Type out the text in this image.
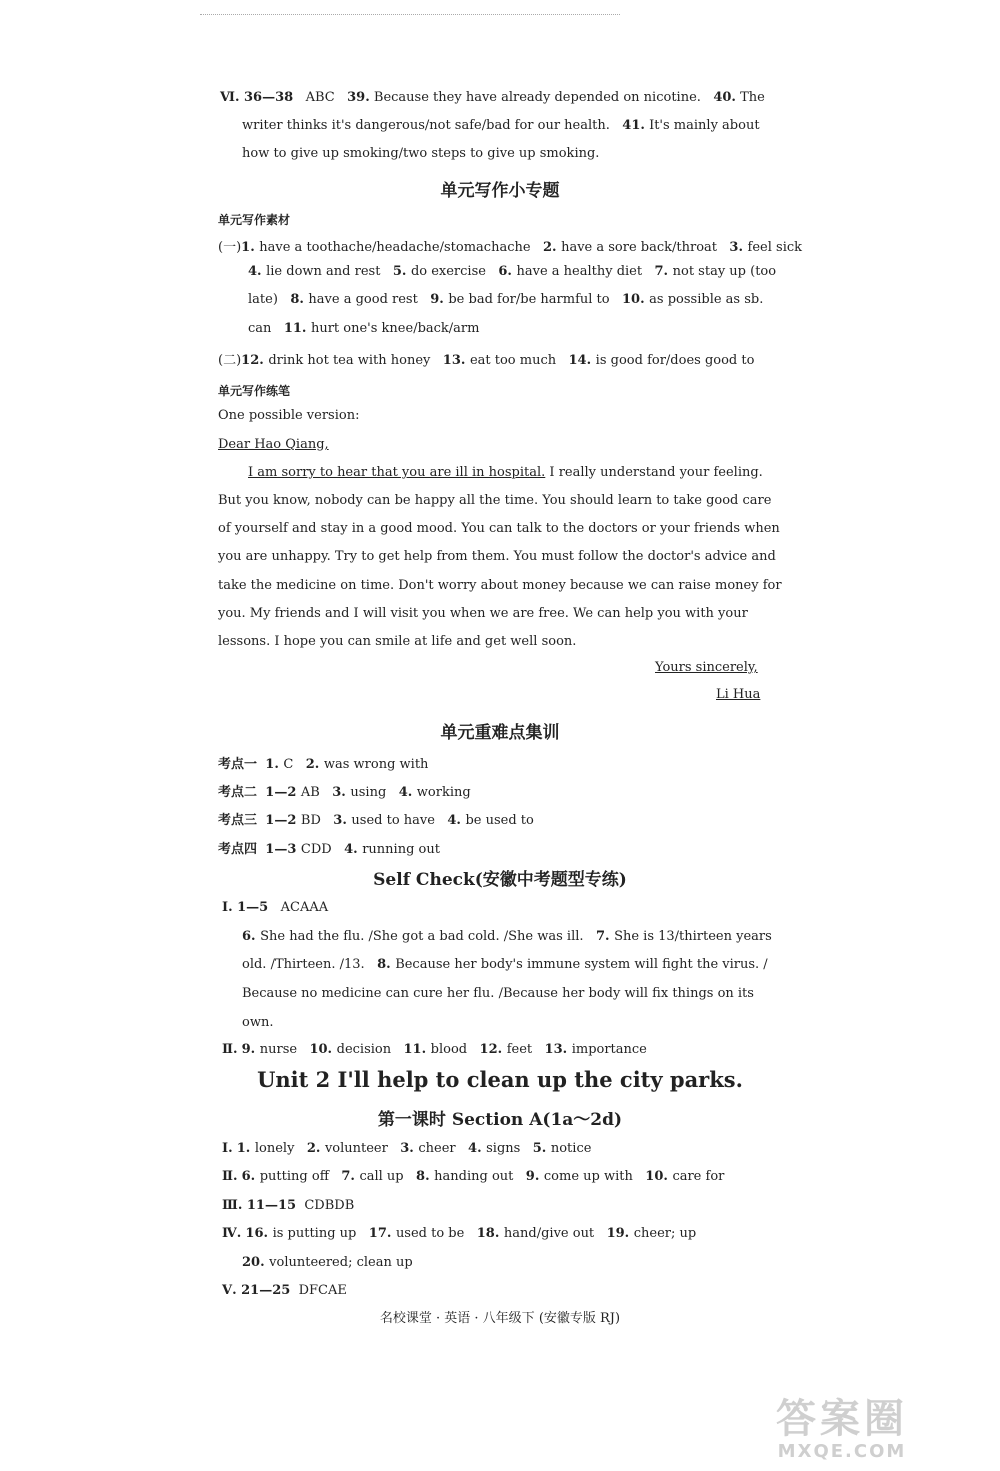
Ⅵ. 36—38 ABC 39. Because they have already depended on nicotine. 40. The
writer thinks it's dangerous/not safe/bad for our health. 41. It's mainly about
how to give up smoking/two steps to give up smoking.
单元写作小专题
单元写作素材
(一)1. have a toothache/headache/stomachache 2. have a sore back/throat 3. feel sick
4. lie down and rest 5. do exercise 6. have a healthy diet 7. not stay up (too
late) 8. have a good rest 9. be bad for/be harmful to 10. as possible as sb.
can 11. hurt one's knee/back/arm
(二)12. drink hot tea with honey 13. eat too much 14. is good for/does good to
单元写作练笔
One possible version:
Dear Hao Qiang,
I am sorry to hear that you are ill in hospital. I really understand your feeling.
But you know, nobody can be happy all the time. You should learn to take good care
of yourself and stay in a good mood. You can talk to the doctors or your friends when
you are unhappy. Try to get help from them. You must follow the doctor's advice and
take the medicine on time. Don't worry about money because we can raise money for
you. My friends and I will visit you when we are free. We can help you with your
lessons. I hope you can smile at life and get well soon.
Yours sincerely,
Li Hua
单元重难点集训
考点一 1. C 2. was wrong with
考点二 1—2 AB 3. using 4. working
考点三 1—2 BD 3. used to have 4. be used to
考点四 1—3 CDD 4. running out
Self Check(安徽中考题型专练)
Ⅰ. 1—5 ACAAA
6. She had the flu. /She got a bad cold. /She was ill. 7. She is 13/thirteen years
old. /Thirteen. /13. 8. Because her body's immune system will fight the virus. /
Because no medicine can cure her flu. /Because her body will fix things on its
own.
Ⅱ. 9. nurse 10. decision 11. blood 12. feet 13. importance
Unit 2 I'll help to clean up the city parks.
第一课时 Section A(1a～2d)
Ⅰ. 1. lonely 2. volunteer 3. cheer 4. signs 5. notice
Ⅱ. 6. putting off 7. call up 8. handing out 9. come up with 10. care for
Ⅲ. 11—15 CDBDB
Ⅳ. 16. is putting up 17. used to be 18. hand/give out 19. cheer; up
20. volunteered; clean up
Ⅴ. 21—25 DFCAE
名校课堂 · 英语 · 八年级下 (安徽专版 RJ)
答案圈
MXQE.COM
